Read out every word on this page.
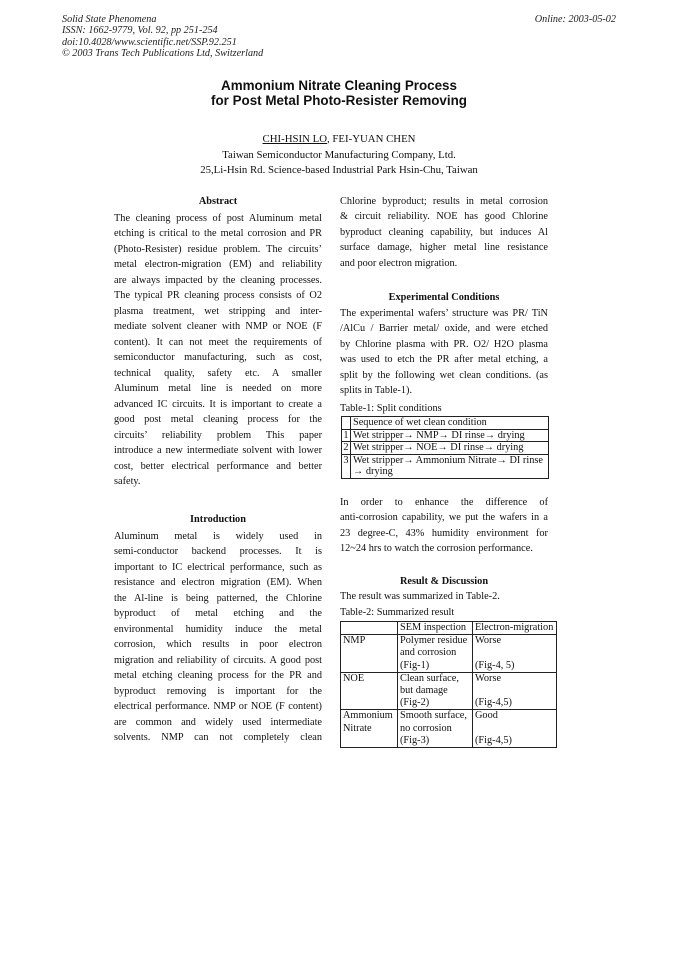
Solid State Phenomena
ISSN: 1662-9779, Vol. 92, pp 251-254
doi:10.4028/www.scientific.net/SSP.92.251
© 2003 Trans Tech Publications Ltd, Switzerland
Online: 2003-05-02
Ammonium Nitrate Cleaning Process
for Post Metal Photo-Resister Removing
CHI-HSIN LO, FEI-YUAN CHEN
Taiwan Semiconductor Manufacturing Company, Ltd.
25,Li-Hsin Rd. Science-based Industrial Park Hsin-Chu, Taiwan
Abstract
The cleaning process of post Aluminum metal
etching is critical to the metal corrosion and PR
(Photo-Resister) residue problem. The circuits’
metal electron-migration (EM) and reliability
are always impacted by the cleaning processes.
The typical PR cleaning process consists of O2
plasma treatment, wet stripping and inter-
mediate solvent cleaner with NMP or NOE (F
content). It can not meet the requirements of
semiconductor manufacturing, such as cost,
technical quality, safety etc. A smaller
Aluminum metal line is needed on more
advanced IC circuits. It is important to create a
good post metal cleaning process for the
circuits’ reliability problem This paper
introduce a new intermediate solvent with lower
cost, better electrical performance and better
safety.
Introduction
Aluminum metal is widely used in
semi-conductor backend processes. It is
important to IC electrical performance, such as
resistance and electron migration (EM). When
the Al-line is being patterned, the Chlorine
byproduct of metal etching and the
environmental humidity induce the metal
corrosion, which results in poor electron
migration and reliability of circuits. A good post
metal etching cleaning process for the PR and
byproduct removing is important for the
electrical performance. NMP or NOE (F content)
are common and widely used intermediate
solvents. NMP can not completely clean
Chlorine byproduct; results in metal corrosion
& circuit reliability. NOE has good Chlorine
byproduct cleaning capability, but induces Al
surface damage, higher metal line resistance
and poor electron migration.
Experimental Conditions
The experimental wafers’ structure was PR/ TiN
/AlCu / Barrier metal/ oxide, and were etched
by Chlorine plasma with PR. O2/ H2O plasma
was used to etch the PR after metal etching, a
split by the following wet clean conditions. (as
splits in Table-1).
Table-1: Split conditions
	Sequence of wet clean condition
1	Wet stripper→ NMP→ DI rinse→ drying

2	Wet stripper→ NOE→ DI rinse→ drying

3	Wet stripper→ Ammonium Nitrate→ DI rinse
→ drying
In order to enhance the difference of
anti-corrosion capability, we put the wafers in a
23 degree-C, 43% humidity environment for
12~24 hrs to watch the corrosion performance.
Result & Discussion
The result was summarized in Table-2.
Table-2: Summarized result
	SEM inspection	Electron-migration

NMP	Polymer residue
and corrosion
(Fig-1)	Worse

(Fig-4, 5)

NOE	Clean surface,
but damage
(Fig-2)	Worse

(Fig-4,5)

Ammonium
Nitrate	Smooth surface,
no corrosion
(Fig-3)	Good

(Fig-4,5)
